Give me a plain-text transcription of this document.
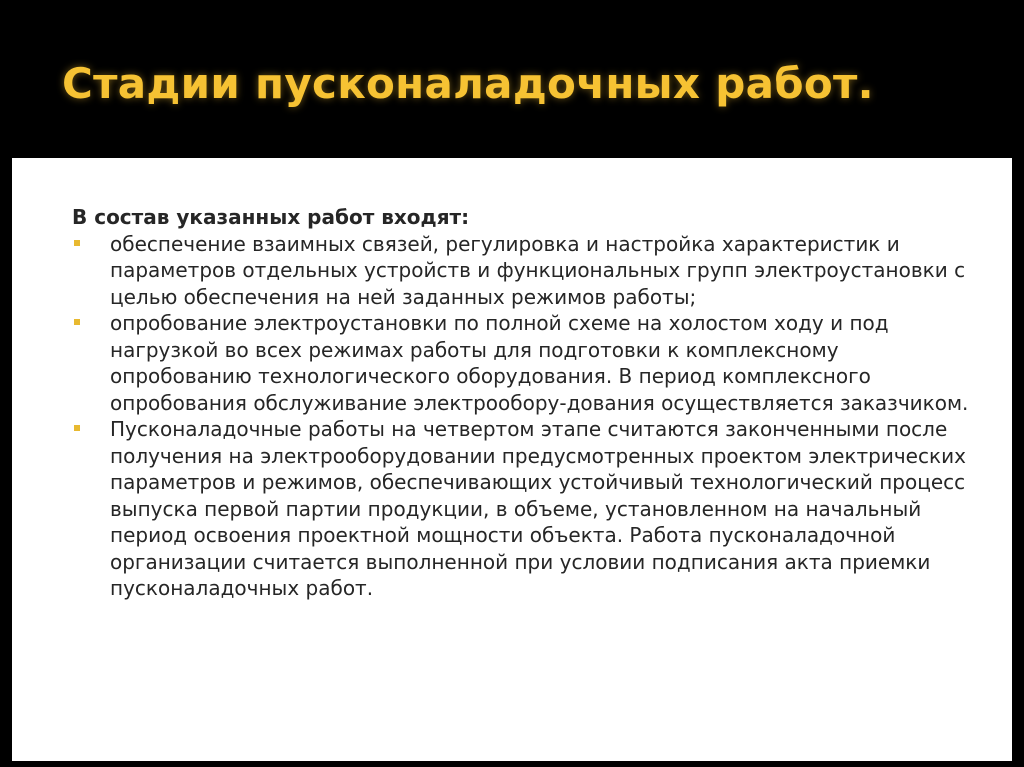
Стадии пусконаладочных работ.

В состав указанных работ входят:

обеспечение взаимных связей, регулировка и настройка характеристик и параметров отдельных устройств и функциональных групп электроустановки с целью обеспечения на ней заданных режимов работы;
опробование электроустановки по полной схеме на холостом ходу и под нагрузкой во всех режимах работы для подготовки к комплексному опробованию технологического оборудования. В период комплексного опробования обслуживание электрообору-дования осуществляется заказчиком.
Пусконаладочные работы на четвертом этапе считаются законченными после получения на электрооборудовании предусмотренных проектом электрических параметров и режимов, обеспечивающих устойчивый технологический процесс выпуска первой партии продукции, в объеме, установленном на начальный период освоения проектной мощности объекта. Работа пусконаладочной организации считается выполненной при условии подписания акта приемки пусконаладочных работ.
